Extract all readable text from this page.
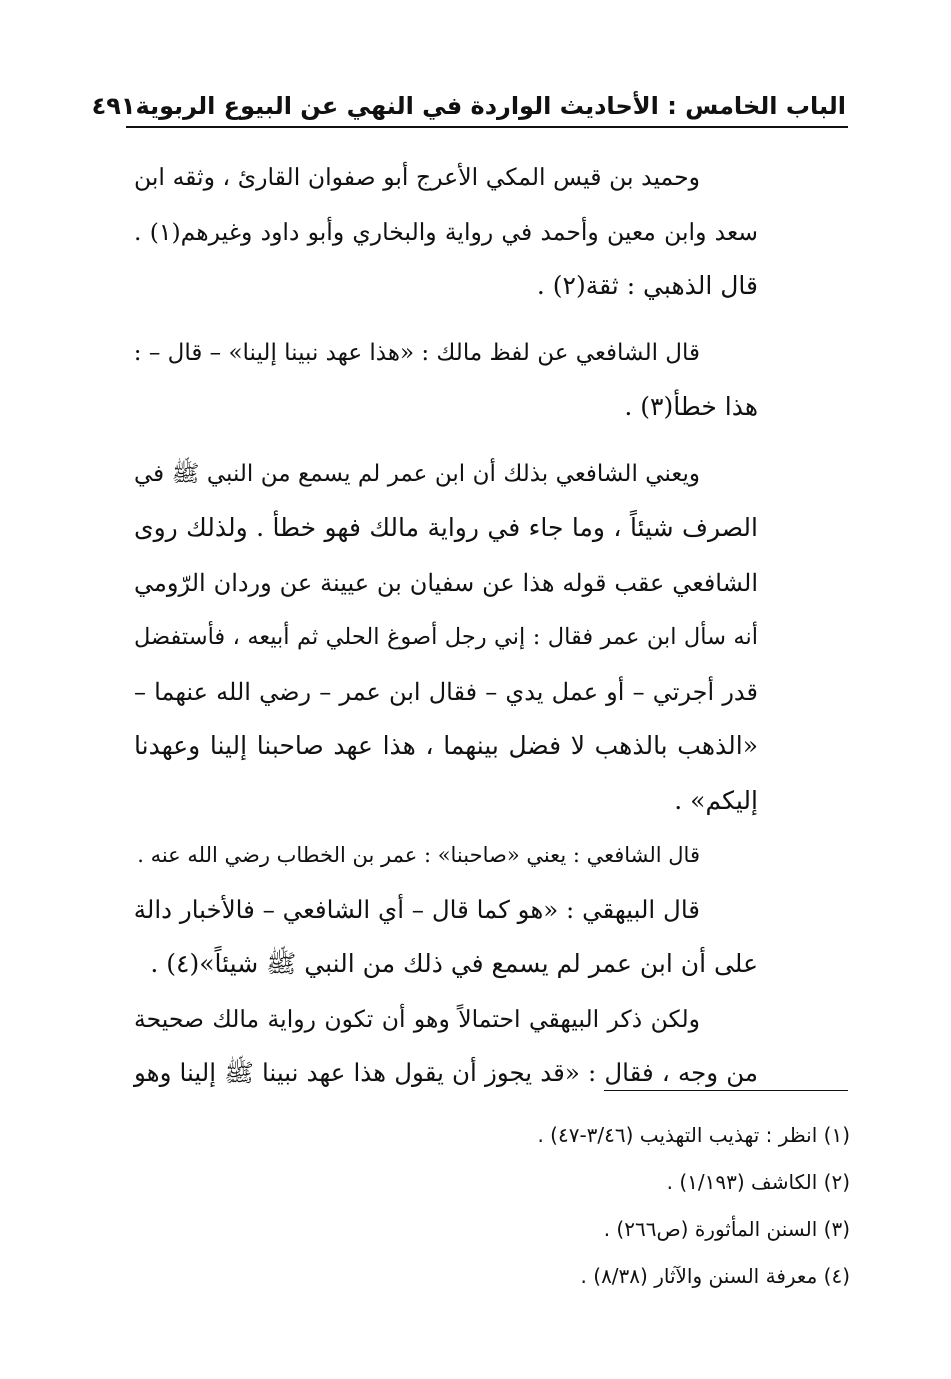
الباب الخامس : الأحاديث الواردة في النهي عن البيوع الربوية
٤٩١
وحميد بن قيس المكي الأعرج أبو صفوان القارئ ، وثقه ابن
سعد وابن معين وأحمد في رواية والبخاري وأبو داود وغيرهم(١) .
قال الذهبي : ثقة(٢) .
قال الشافعي عن لفظ مالك : «هذا عهد نبينا إلينا» – قال – :
هذا خطأ(٣) .
ويعني الشافعي بذلك أن ابن عمر لم يسمع من النبي ﷺ في
الصرف شيئاً ، وما جاء في رواية مالك فهو خطأ . ولذلك روى
الشافعي عقب قوله هذا عن سفيان بن عيينة عن وردان الرّومي
أنه سأل ابن عمر فقال : إني رجل أصوغ الحلي ثم أبيعه ، فأستفضل
قدر أجرتي – أو عمل يدي – فقال ابن عمر – رضي الله عنهما –
«الذهب بالذهب لا فضل بينهما ، هذا عهد صاحبنا إلينا وعهدنا
إليكم» .
قال الشافعي : يعني «صاحبنا» : عمر بن الخطاب رضي الله عنه .
قال البيهقي : «هو كما قال – أي الشافعي – فالأخبار دالة
على أن ابن عمر لم يسمع في ذلك من النبي ﷺ شيئاً»(٤) .
ولكن ذكر البيهقي احتمالاً وهو أن تكون رواية مالك صحيحة
من وجه ، فقال : «قد يجوز أن يقول هذا عهد نبينا ﷺ إلينا وهو
(١) انظر : تهذيب التهذيب (٣/٤٦-٤٧) .
(٢) الكاشف (١/١٩٣) .
(٣) السنن المأثورة (ص٢٦٦) .
(٤) معرفة السنن والآثار (٨/٣٨) .
